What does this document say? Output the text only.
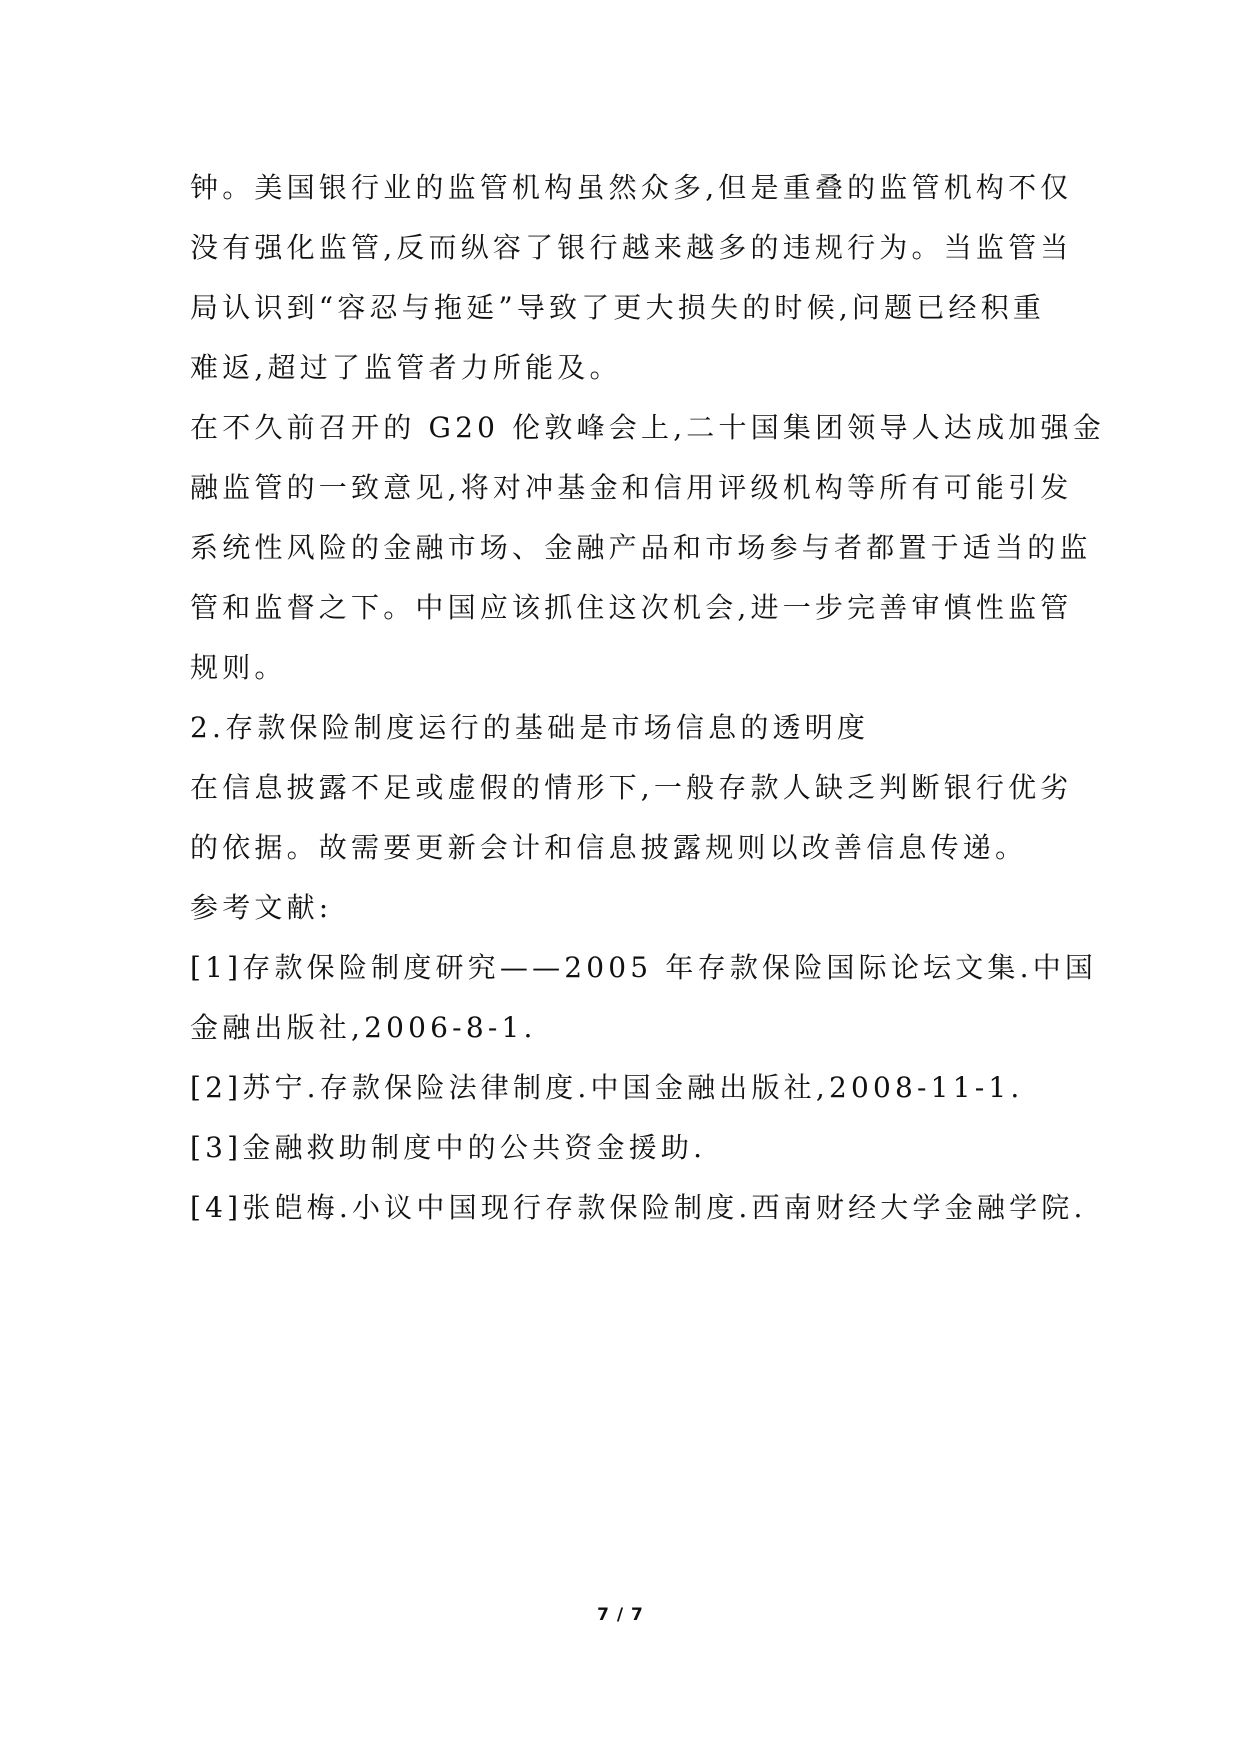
钟。美国银行业的监管机构虽然众多,但是重叠的监管机构不仅
没有强化监管,反而纵容了银行越来越多的违规行为。当监管当
局认识到“容忍与拖延”导致了更大损失的时候,问题已经积重
难返,超过了监管者力所能及。
在不久前召开的 G20 伦敦峰会上,二十国集团领导人达成加强金
融监管的一致意见,将对冲基金和信用评级机构等所有可能引发
系统性风险的金融市场、金融产品和市场参与者都置于适当的监
管和监督之下。中国应该抓住这次机会,进一步完善审慎性监管
规则。
2.存款保险制度运行的基础是市场信息的透明度
在信息披露不足或虚假的情形下,一般存款人缺乏判断银行优劣
的依据。故需要更新会计和信息披露规则以改善信息传递。
参考文献:
[1]存款保险制度研究——2005 年存款保险国际论坛文集.中国
金融出版社,2006-8-1.
[2]苏宁.存款保险法律制度.中国金融出版社,2008-11-1.
[3]金融救助制度中的公共资金援助.
[4]张皑梅.小议中国现行存款保险制度.西南财经大学金融学院.
7 / 7
